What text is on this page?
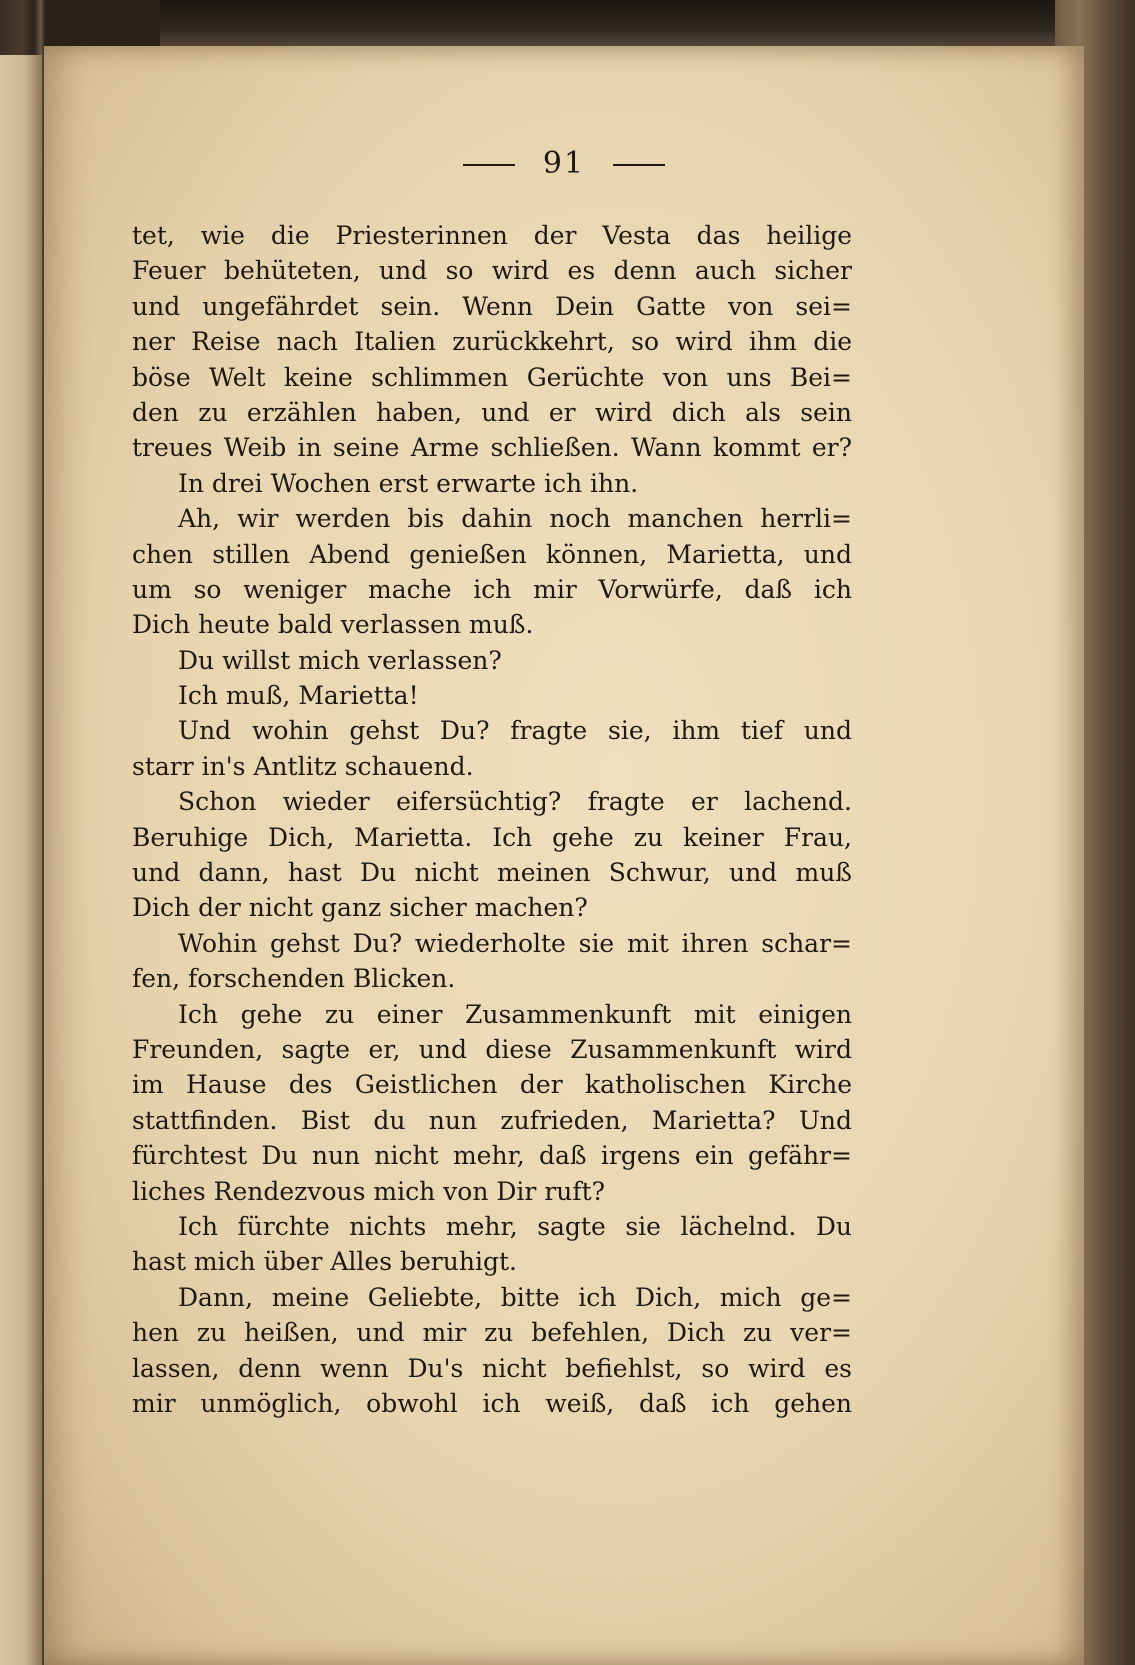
91
tet, wie die Priesterinnen der Vesta das heilige
Feuer behüteten, und so wird es denn auch sicher
und ungefährdet sein. Wenn Dein Gatte von sei=
ner Reise nach Italien zurückkehrt, so wird ihm die
böse Welt keine schlimmen Gerüchte von uns Bei=
den zu erzählen haben, und er wird dich als sein
treues Weib in seine Arme schließen. Wann kommt er?
In drei Wochen erst erwarte ich ihn.
Ah, wir werden bis dahin noch manchen herrli=
chen stillen Abend genießen können, Marietta, und
um so weniger mache ich mir Vorwürfe, daß ich
Dich heute bald verlassen muß.
Du willst mich verlassen?
Ich muß, Marietta!
Und wohin gehst Du? fragte sie, ihm tief und
starr in's Antlitz schauend.
Schon wieder eifersüchtig? fragte er lachend.
Beruhige Dich, Marietta. Ich gehe zu keiner Frau,
und dann, hast Du nicht meinen Schwur, und muß
Dich der nicht ganz sicher machen?
Wohin gehst Du? wiederholte sie mit ihren schar=
fen, forschenden Blicken.
Ich gehe zu einer Zusammenkunft mit einigen
Freunden, sagte er, und diese Zusammenkunft wird
im Hause des Geistlichen der katholischen Kirche
stattfinden. Bist du nun zufrieden, Marietta? Und
fürchtest Du nun nicht mehr, daß irgens ein gefähr=
liches Rendezvous mich von Dir ruft?
Ich fürchte nichts mehr, sagte sie lächelnd. Du
hast mich über Alles beruhigt.
Dann, meine Geliebte, bitte ich Dich, mich ge=
hen zu heißen, und mir zu befehlen, Dich zu ver=
lassen, denn wenn Du's nicht befiehlst, so wird es
mir unmöglich, obwohl ich weiß, daß ich gehen
